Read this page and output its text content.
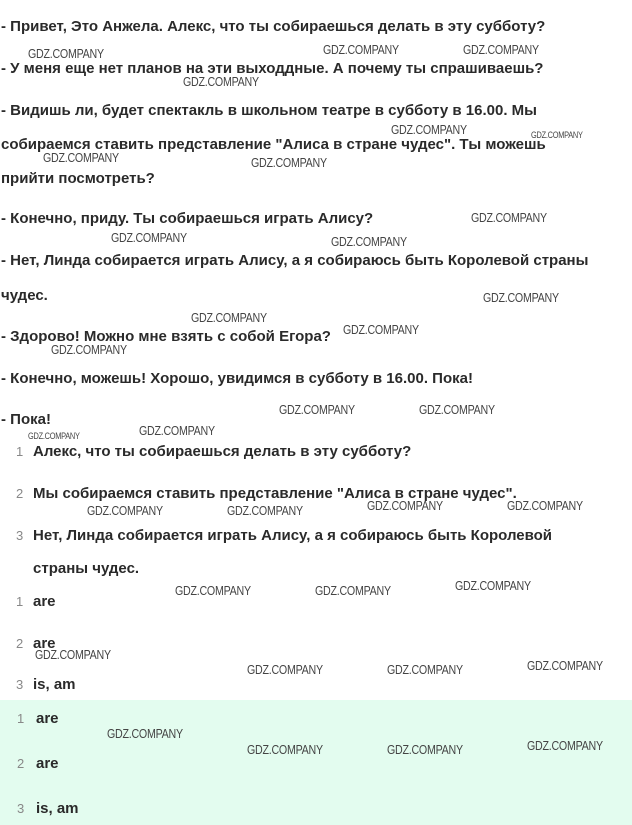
- Привет, Это Анжела. Алекс, что ты собираешься делать в эту субботу?
- У меня еще нет планов на эти выходдные. А почему ты спрашиваешь?
- Видишь ли, будет спектакль в школьном театре в субботу в 16.00. Мы
собираемся ставить представление "Алиса в стране чудес". Ты можешь
прийти посмотреть?
- Конечно, приду. Ты собираешься играть Алису?
- Нет, Линда собирается играть Алису, а я собираюсь быть Королевой страны
чудес.
- Здорово! Можно мне взять с собой Егора?
- Конечно, можешь! Хорошо, увидимся в субботу в 16.00. Пока!
- Пока!
1 Алекс, что ты собираешься делать в эту субботу?
2 Мы собираемся ставить представление "Алиса в стране чудес".
3 Нет, Линда собирается играть Алису, а я собираюсь быть Королевой
страны чудес.
1 are
2 are
3 is, am
1 are
2 are
3 is, am
GDZ.COMPANY	GDZ.COMPANY	GDZ.COMPANY
GDZ.COMPANY
GDZ.COMPANY	GDZ.COMPANY
GDZ.COMPANY	GDZ.COMPANY
GDZ.COMPANY
GDZ.COMPANY	GDZ.COMPANY
GDZ.COMPANY
GDZ.COMPANY
GDZ.COMPANY
GDZ.COMPANY
GDZ.COMPANY	GDZ.COMPANY
GDZ.COMPANY	GDZ.COMPANY
GDZ.COMPANY	GDZ.COMPANY	GDZ.COMPANY	GDZ.COMPANY
GDZ.COMPANY	GDZ.COMPANY	GDZ.COMPANY
GDZ.COMPANY
GDZ.COMPANY	GDZ.COMPANY	GDZ.COMPANY
GDZ.COMPANY
GDZ.COMPANY	GDZ.COMPANY	GDZ.COMPANY
